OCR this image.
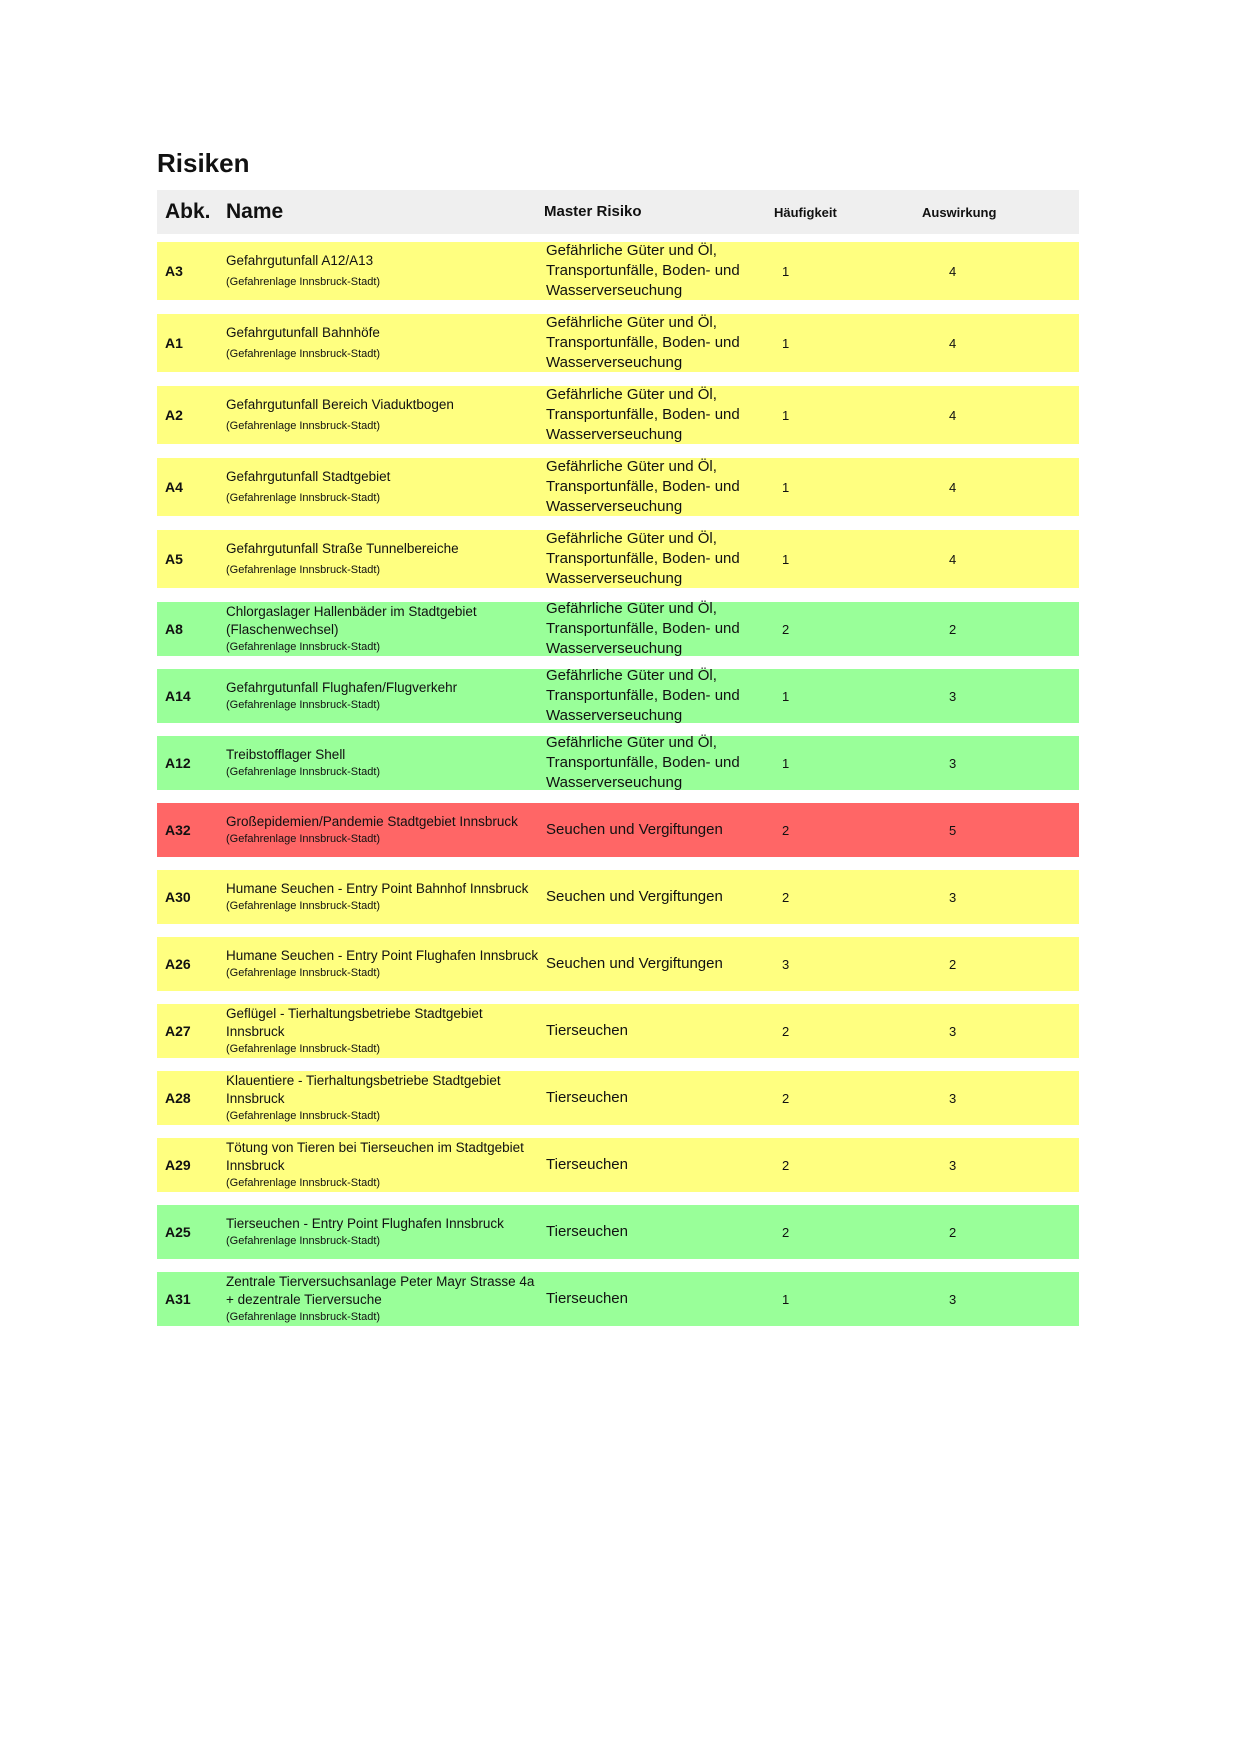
Risiken
Abk. Name	Master Risiko	Häufigkeit	Auswirkung
A3
Gefahrgutunfall A12/A13
(Gefahrenlage Innsbruck-Stadt)
Gefährliche Güter und Öl, Transportunfälle, Boden- und Wasserverseuchung
1	4
A1
Gefahrgutunfall Bahnhöfe
(Gefahrenlage Innsbruck-Stadt)
Gefährliche Güter und Öl, Transportunfälle, Boden- und Wasserverseuchung
1	4
A2
Gefahrgutunfall Bereich Viaduktbogen
(Gefahrenlage Innsbruck-Stadt)
Gefährliche Güter und Öl, Transportunfälle, Boden- und Wasserverseuchung
1	4
A4
Gefahrgutunfall Stadtgebiet
(Gefahrenlage Innsbruck-Stadt)
Gefährliche Güter und Öl, Transportunfälle, Boden- und Wasserverseuchung
1	4
A5
Gefahrgutunfall Straße Tunnelbereiche
(Gefahrenlage Innsbruck-Stadt)
Gefährliche Güter und Öl, Transportunfälle, Boden- und Wasserverseuchung
1	4
A8
Chlorgaslager Hallenbäder im Stadtgebiet (Flaschenwechsel)
(Gefahrenlage Innsbruck-Stadt)
Gefährliche Güter und Öl, Transportunfälle, Boden- und Wasserverseuchung
2	2
A14
Gefahrgutunfall Flughafen/Flugverkehr
(Gefahrenlage Innsbruck-Stadt)
Gefährliche Güter und Öl, Transportunfälle, Boden- und Wasserverseuchung
1	3
A12
Treibstofflager Shell
(Gefahrenlage Innsbruck-Stadt)
Gefährliche Güter und Öl, Transportunfälle, Boden- und Wasserverseuchung
1	3
A32
Großepidemien/Pandemie Stadtgebiet Innsbruck
(Gefahrenlage Innsbruck-Stadt)
Seuchen und Vergiftungen	2	5
A30
Humane Seuchen - Entry Point Bahnhof Innsbruck
(Gefahrenlage Innsbruck-Stadt)
Seuchen und Vergiftungen	2	3
A26
Humane Seuchen - Entry Point Flughafen Innsbruck
(Gefahrenlage Innsbruck-Stadt)
Seuchen und Vergiftungen	3	2
A27
Geflügel - Tierhaltungsbetriebe Stadtgebiet Innsbruck
(Gefahrenlage Innsbruck-Stadt)
Tierseuchen	2	3
A28
Klauentiere - Tierhaltungsbetriebe Stadtgebiet Innsbruck
(Gefahrenlage Innsbruck-Stadt)
Tierseuchen	2	3
A29
Tötung von Tieren bei Tierseuchen im Stadtgebiet Innsbruck
(Gefahrenlage Innsbruck-Stadt)
Tierseuchen	2	3
A25
Tierseuchen - Entry Point Flughafen Innsbruck
(Gefahrenlage Innsbruck-Stadt)
Tierseuchen	2	2
A31
Zentrale Tierversuchsanlage Peter Mayr Strasse 4a + dezentrale Tierversuche
(Gefahrenlage Innsbruck-Stadt)
Tierseuchen	1	3
